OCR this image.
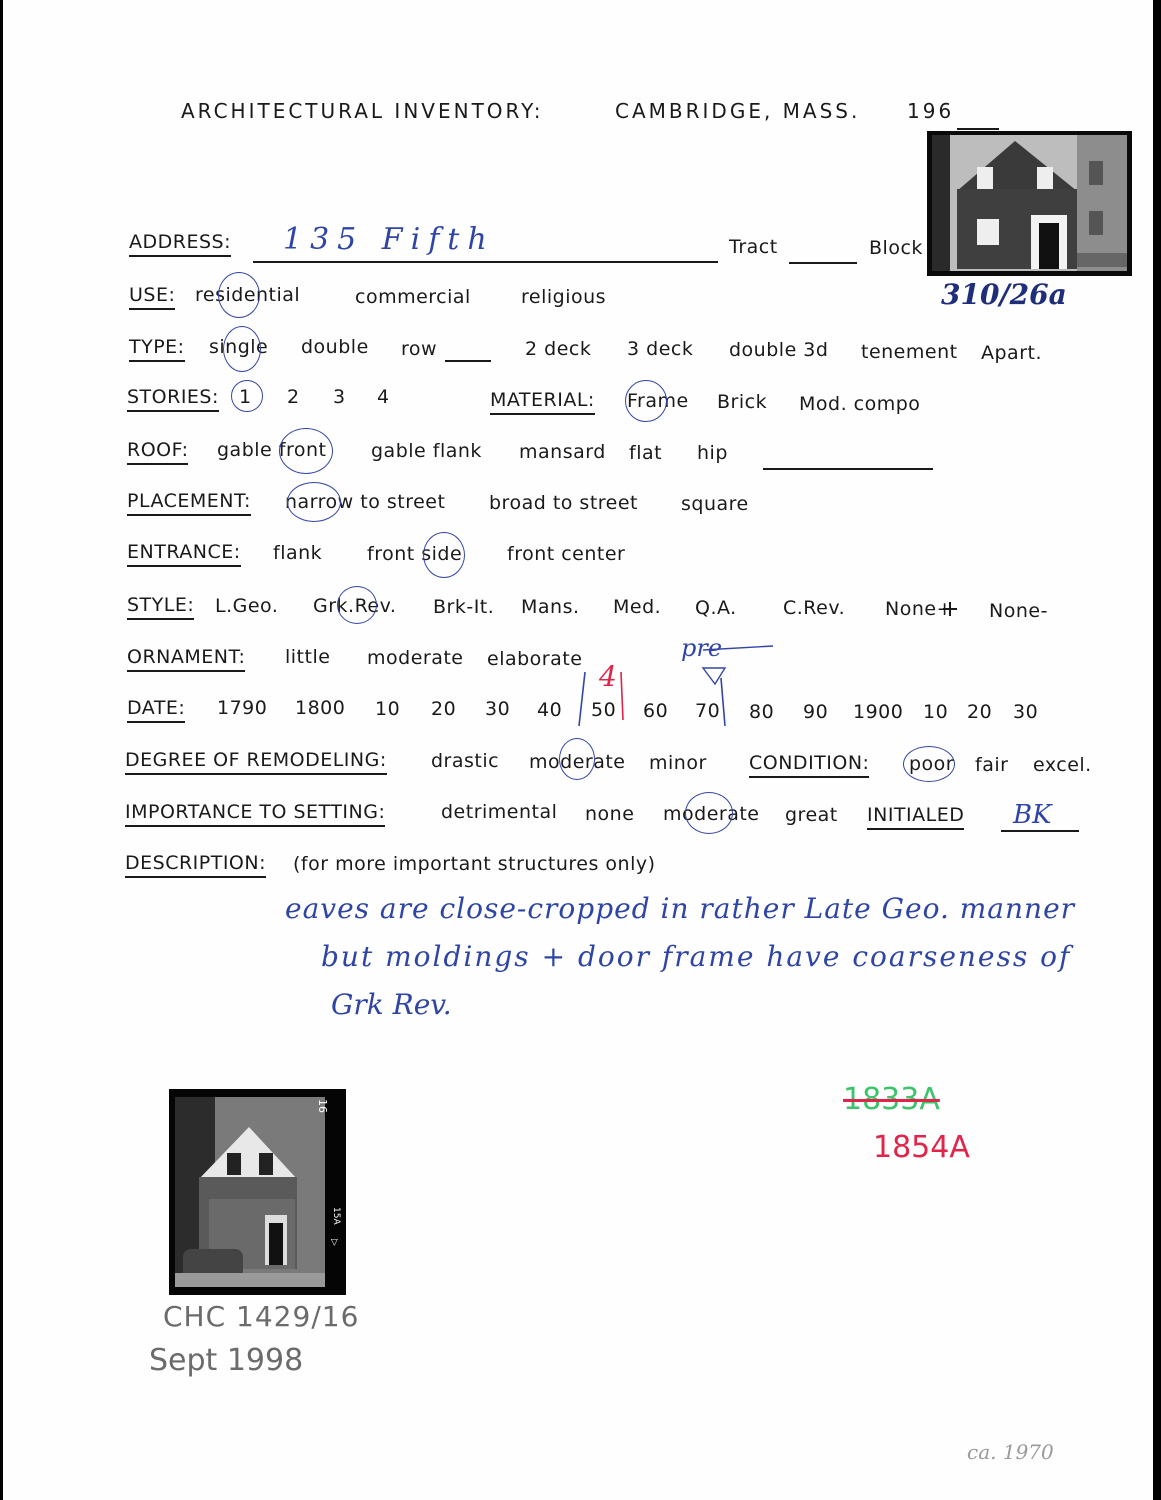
ARCHITECTURAL INVENTORY:	CAMBRIDGE, MASS. 196
ADDRESS: 135 Fifth	Tract	Block
310/26a
USE: residential	commercial	religious
TYPE: single double row	2 deck 3 deck double 3d tenement Apart.
STORIES: 1 2 3 4	MATERIAL: Frame Brick Mod. compo
ROOF: gable front gable flank mansard flat hip
PLACEMENT: narrow to street broad to street square
ENTRANCE: flank front side front center
STYLE: L.Geo. Grk.Rev. Brk-It. Mans. Med. Q.A. C.Rev. None+ None-
ORNAMENT: little moderate elaborate	pre
DATE: 1790 1800 10 20 30 40 50 60 70 80 90 1900 10 20 30
4
DEGREE OF REMODELING: drastic moderate minor CONDITION: poor fair excel.
IMPORTANCE TO SETTING:	detrimental none moderate great INITIALED BK
DESCRIPTION: (for more important structures only)
eaves are close-cropped in rather Late Geo. manner
but moldings + door frame have coarseness of
Grk Rev.
16
15A
▷
CHC 1429/16
Sept 1998
1833A
1854A
ca. 1970
